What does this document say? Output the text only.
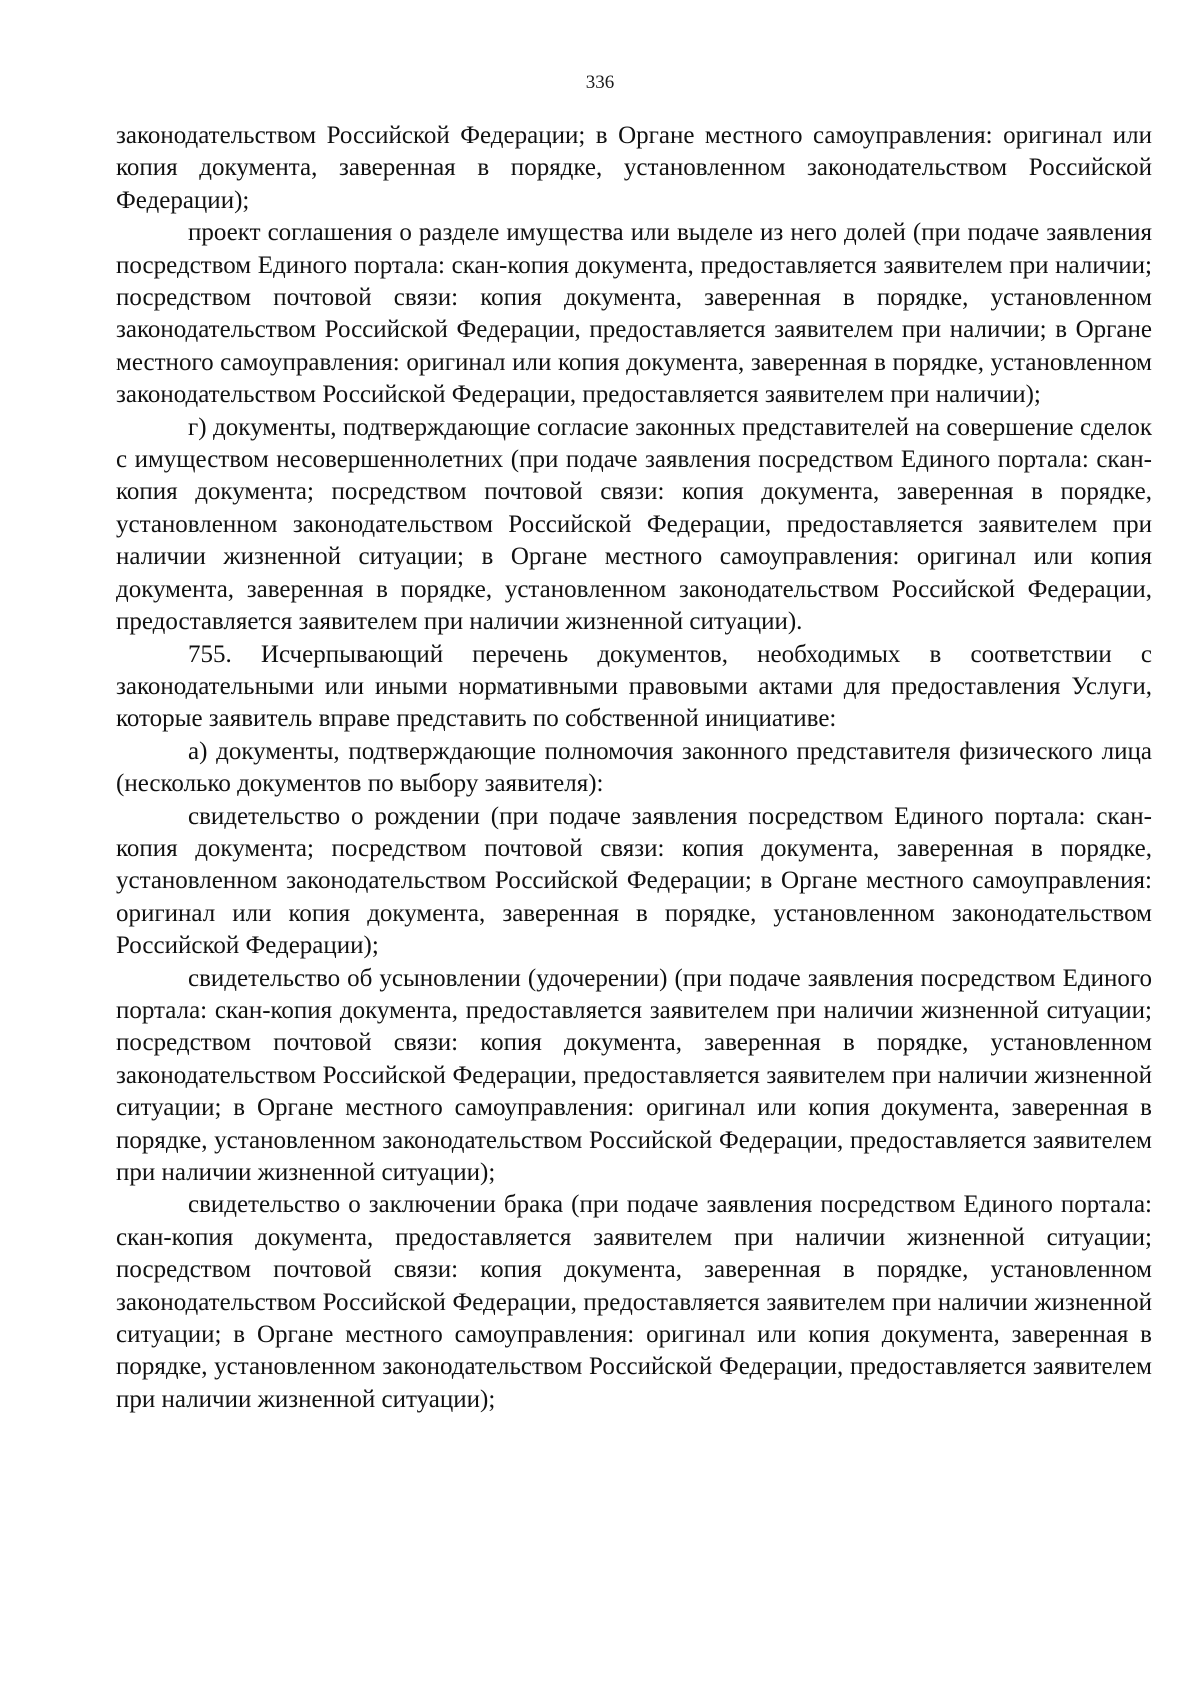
336

законодательством Российской Федерации; в Органе местного самоуправления: оригинал или копия документа, заверенная в порядке, установленном законодательством Российской Федерации);

проект соглашения о разделе имущества или выделе из него долей (при подаче заявления посредством Единого портала: скан-копия документа, предоставляется заявителем при наличии; посредством почтовой связи: копия документа, заверенная в порядке, установленном законодательством Российской Федерации, предоставляется заявителем при наличии; в Органе местного самоуправления: оригинал или копия документа, заверенная в порядке, установленном законодательством Российской Федерации, предоставляется заявителем при наличии);

г) документы, подтверждающие согласие законных представителей на совершение сделок с имуществом несовершеннолетних (при подаче заявления посредством Единого портала: скан-копия документа; посредством почтовой связи: копия документа, заверенная в порядке, установленном законодательством Российской Федерации, предоставляется заявителем при наличии жизненной ситуации; в Органе местного самоуправления: оригинал или копия документа, заверенная в порядке, установленном законодательством Российской Федерации, предоставляется заявителем при наличии жизненной ситуации).

755. Исчерпывающий перечень документов, необходимых в соответствии с законодательными или иными нормативными правовыми актами для предоставления Услуги, которые заявитель вправе представить по собственной инициативе:

а) документы, подтверждающие полномочия законного представителя физического лица (несколько документов по выбору заявителя):

свидетельство о рождении (при подаче заявления посредством Единого портала: скан-копия документа; посредством почтовой связи: копия документа, заверенная в порядке, установленном законодательством Российской Федерации; в Органе местного самоуправления: оригинал или копия документа, заверенная в порядке, установленном законодательством Российской Федерации);

свидетельство об усыновлении (удочерении) (при подаче заявления посредством Единого портала: скан-копия документа, предоставляется заявителем при наличии жизненной ситуации; посредством почтовой связи: копия документа, заверенная в порядке, установленном законодательством Российской Федерации, предоставляется заявителем при наличии жизненной ситуации; в Органе местного самоуправления: оригинал или копия документа, заверенная в порядке, установленном законодательством Российской Федерации, предоставляется заявителем при наличии жизненной ситуации);

свидетельство о заключении брака (при подаче заявления посредством Единого портала: скан-копия документа, предоставляется заявителем при наличии жизненной ситуации; посредством почтовой связи: копия документа, заверенная в порядке, установленном законодательством Российской Федерации, предоставляется заявителем при наличии жизненной ситуации; в Органе местного самоуправления: оригинал или копия документа, заверенная в порядке, установленном законодательством Российской Федерации, предоставляется заявителем при наличии жизненной ситуации);
